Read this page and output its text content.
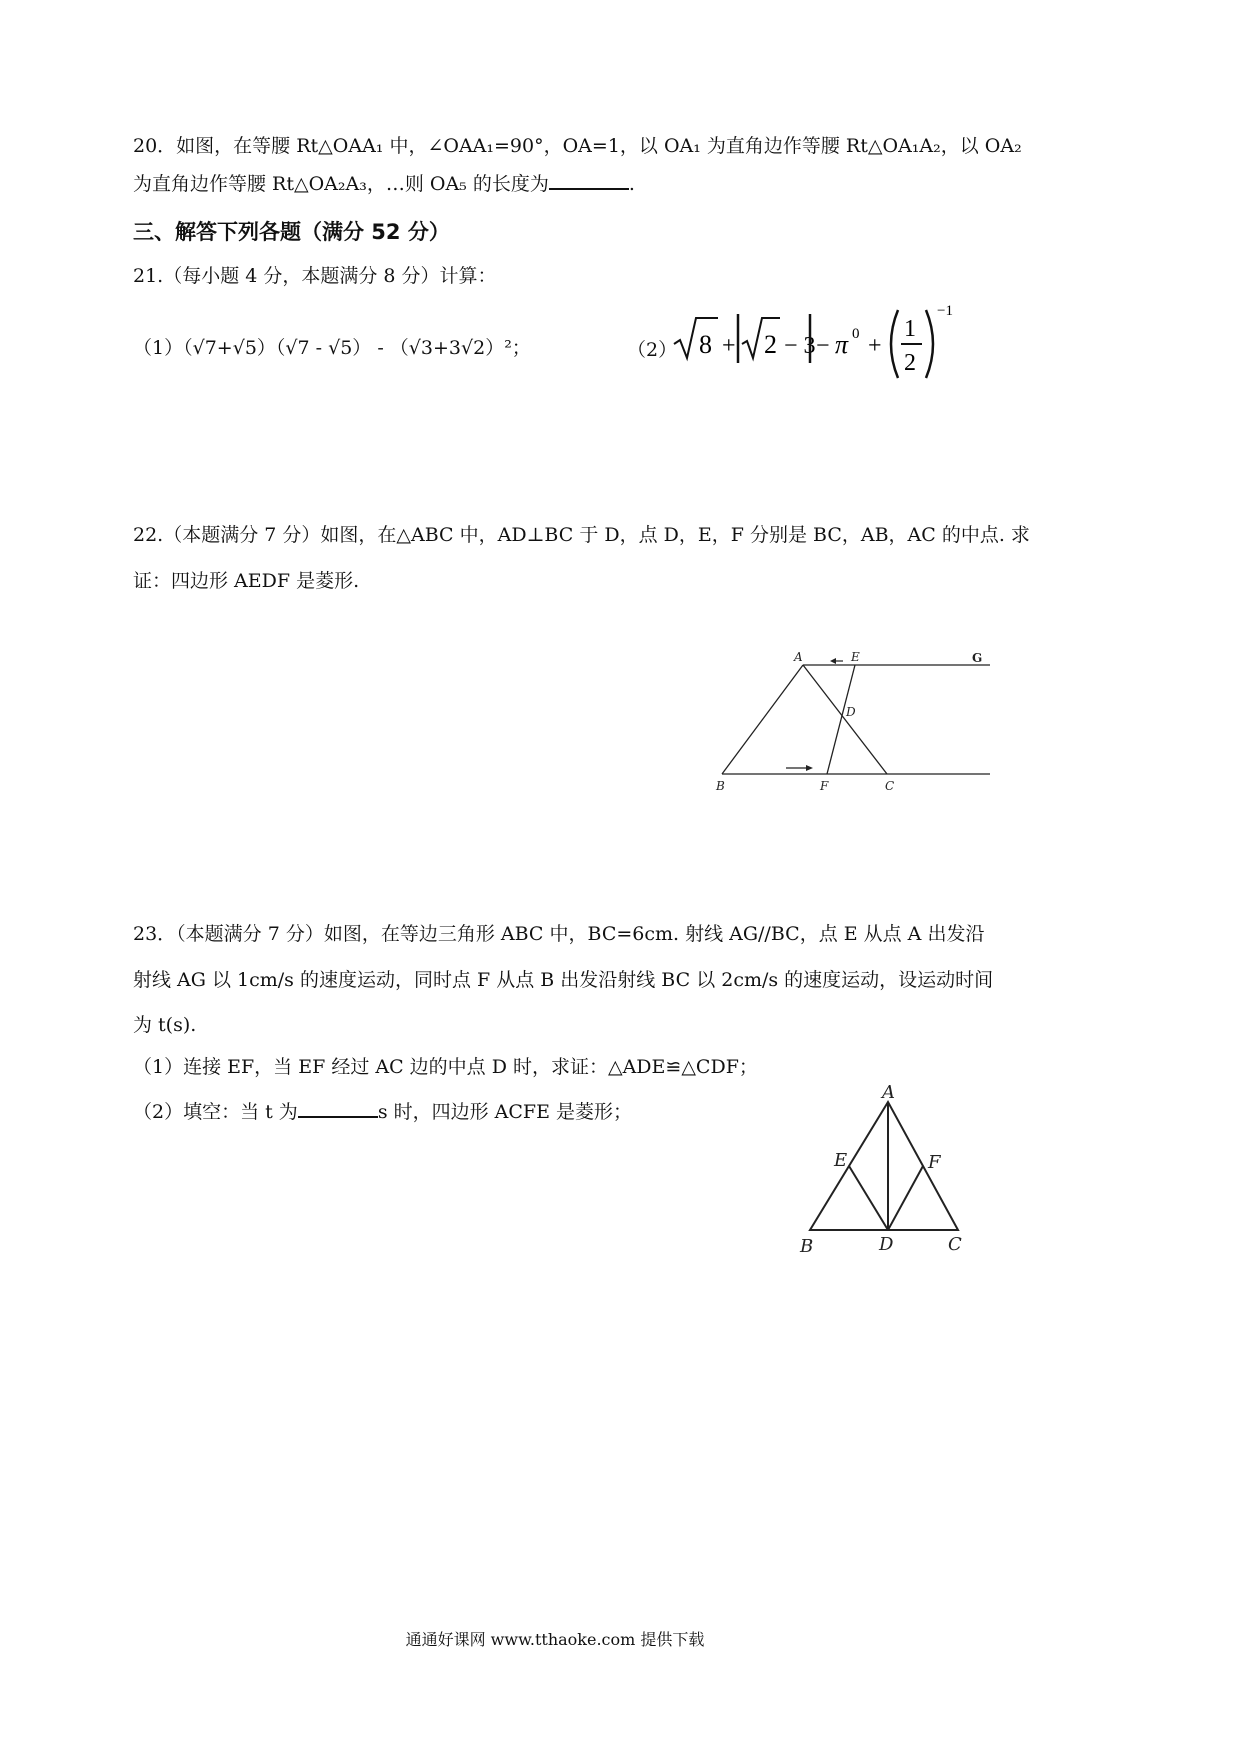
20．如图，在等腰 Rt△OAA₁ 中，∠OAA₁=90°，OA=1，以 OA₁ 为直角边作等腰 Rt△OA₁A₂，以 OA₂
为直角边作等腰 Rt△OA₂A₃，…则 OA₅ 的长度为	.
三、解答下列各题（满分 52 分）
21.（每小题 4 分，本题满分 8 分）计算：
（1）（√7+√5）（√7 - √5） - （√3+3√2）²；	（2） 8 + 2 − 3 − π 0 +
1
2
−1
22.（本题满分 7 分）如图，在△ABC 中，AD⊥BC 于 D，点 D，E，F 分别是 BC，AB，AC 的中点. 求
证：四边形 AEDF 是菱形.
A	E
D
B	F	C
G
23．（本题满分 7 分）如图，在等边三角形 ABC 中，BC=6cm. 射线 AG//BC，点 E 从点 A 出发沿
射线 AG 以 1cm/s 的速度运动，同时点 F 从点 B 出发沿射线 BC 以 2cm/s 的速度运动，设运动时间
为 t(s).
（1）连接 EF，当 EF 经过 AC 边的中点 D 时，求证：△ADE≌△CDF；
（2）填空：当 t 为	s 时，四边形 ACFE 是菱形；
A
E	F
B	D	C
通通好课网 www.tthaoke.com 提供下载
